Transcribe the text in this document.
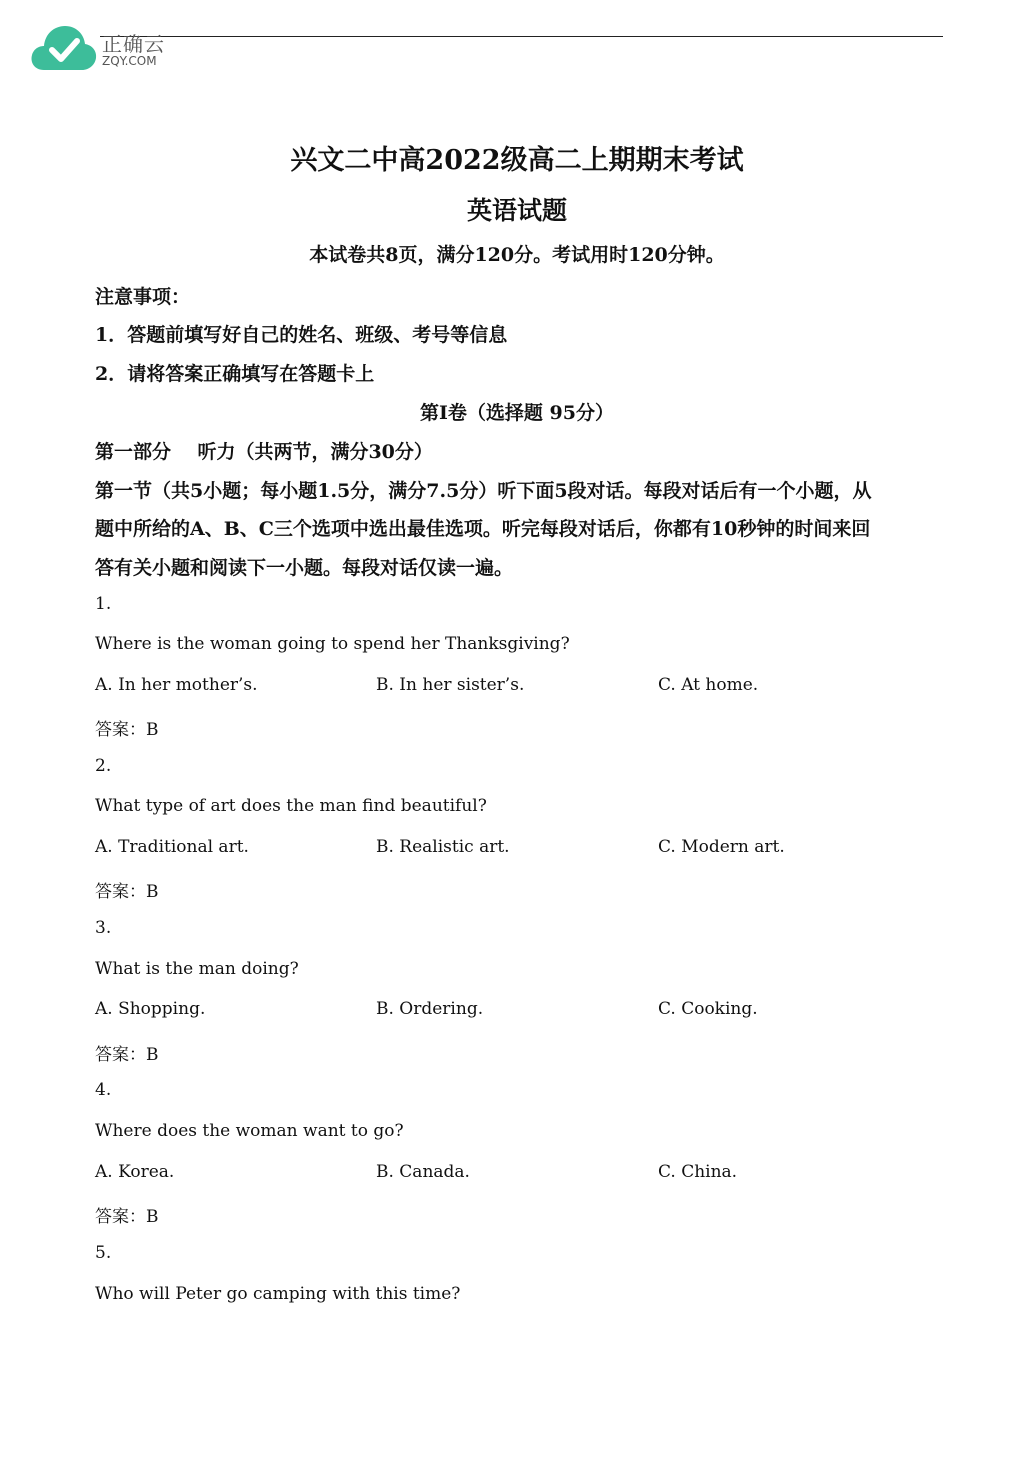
正确云
ZQY.COM
兴文二中高2022级高二上期期末考试
英语试题
本试卷共8页，满分120分。考试用时120分钟。
注意事项：
1．答题前填写好自己的姓名、班级、考号等信息
2．请将答案正确填写在答题卡上
第I卷（选择题 95分）
第一部分    听力（共两节，满分30分）
第一节（共5小题；每小题1.5分，满分7.5分）听下面5段对话。每段对话后有一个小题，从
题中所给的A、B、C三个选项中选出最佳选项。听完每段对话后，你都有10秒钟的时间来回
答有关小题和阅读下一小题。每段对话仅读一遍。
1.
Where is the woman going to spend her Thanksgiving?
A. In her mother’s.	B. In her sister’s.	C. At home.
答案：B
2.
What type of art does the man find beautiful?
A. Traditional art.	B. Realistic art.	C. Modern art.
答案：B
3.
What is the man doing?
A. Shopping.	B. Ordering.	C. Cooking.
答案：B
4.
Where does the woman want to go?
A. Korea.	B. Canada.	C. China.
答案：B
5.
Who will Peter go camping with this time?
